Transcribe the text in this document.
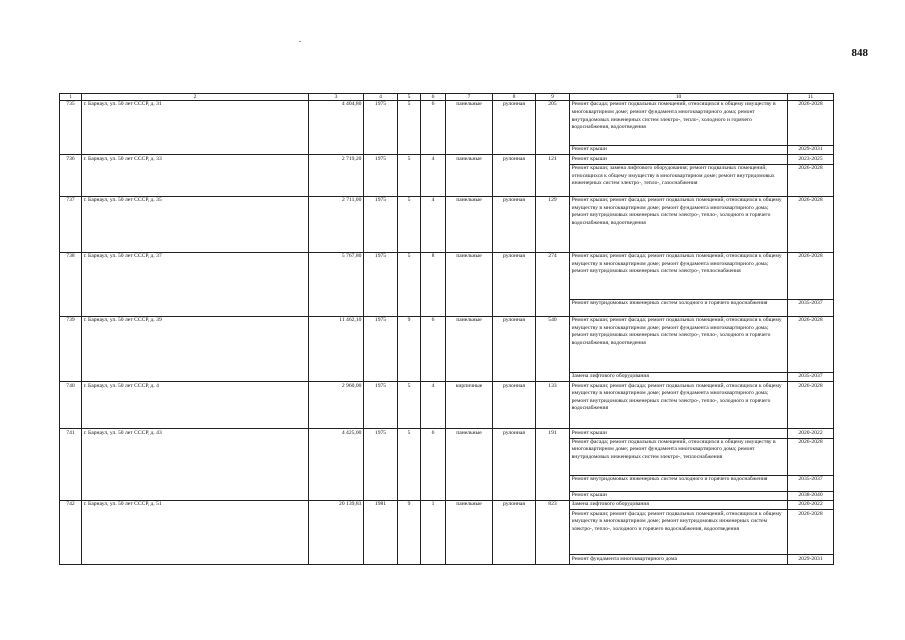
848
1	2	3	4	5	6	7	8	9	10	11
735	г. Барнаул, ул. 50 лет СССР, д. 31	4 404,80	1975	5	6	панельные	рулонная	205	Ремонт фасада; ремонт подвальных помещений, относящихся к общему имуществу в многоквартирном доме; ремонт фундамента многоквартирного дома; ремонт внутридомовых инженерных систем электро-, тепло-, холодного и горячего водоснабжения, водоотведения	2026-2028
									Ремонт крыши	2029-2031
736	г. Барнаул, ул. 50 лет СССР, д. 33	2 719,20	1975	5	4	панельные	рулонная	121	Ремонт крыши	2023-2025
									Ремонт крыши; замена лифтового оборудования; ремонт подвальных помещений, относящихся к общему имуществу в многоквартирном доме; ремонт внутридомовых инженерных систем электро-, тепло-, газоснабжения	2026-2028
737	г. Барнаул, ул. 50 лет СССР, д. 35	2 711,00	1975	5	4	панельные	рулонная	129	Ремонт крыши; ремонт фасада; ремонт подвальных помещений, относящихся к общему имуществу в многоквартирном доме; ремонт фундамента многоквартирного дома; ремонт внутридомовых инженерных систем электро-, тепло-, холодного и горячего водоснабжения, водоотведения	2026-2028
738	г. Барнаул, ул. 50 лет СССР, д. 37	5 767,80	1975	5	8	панельные	рулонная	274	Ремонт крыши; ремонт фасада; ремонт подвальных помещений, относящихся к общему имуществу в многоквартирном доме; ремонт фундамента многоквартирного дома; ремонт внутридомовых инженерных систем электро-, теплоснабжения	2026-2028
									Ремонт внутридомовых инженерных систем холодного и горячего водоснабжения	2035-2037
739	г. Барнаул, ул. 50 лет СССР, д. 39	11 462,10	1975	9	6	панельные	рулонная	540	Ремонт крыши; ремонт фасада; ремонт подвальных помещений, относящихся к общему имуществу в многоквартирном доме; ремонт фундамента многоквартирного дома; ремонт внутридомовых инженерных систем электро-, тепло-, холодного и горячего водоснабжения, водоотведения	2026-2028
									Замена лифтового оборудования	2035-2037
740	г. Барнаул, ул. 50 лет СССР, д. 4	2 960,00	1975	5	4	кирпичные	рулонная	133	Ремонт крыши; ремонт фасада; ремонт подвальных помещений, относящихся к общему имуществу в многоквартирном доме; ремонт фундамента многоквартирного дома; ремонт внутридомовых инженерных систем электро-, тепло-, холодного и горячего водоснабжения	2026-2028
741	г. Барнаул, ул. 50 лет СССР, д. 43	4 425,00	1975	5	6	панельные	рулонная	191	Ремонт крыши	2020-2022
									Ремонт фасада; ремонт подвальных помещений, относящихся к общему имуществу в многоквартирном доме; ремонт фундамента многоквартирного дома; ремонт внутридомовых инженерных систем электро-, теплоснабжения	2026-2028
									Ремонт внутридомовых инженерных систем холодного и горячего водоснабжения	2035-2037
									Ремонт крыши	2038-2040
742	г. Барнаул, ул. 50 лет СССР, д. 51	20 139,83	1981	9	1	панельные	рулонная	823	Замена лифтового оборудования	2020-2022
									Ремонт крыши; ремонт фасада; ремонт подвальных помещений, относящихся к общему имуществу в многоквартирном доме; ремонт внутридомовых инженерных систем электро-, тепло-, холодного и горячего водоснабжения, водоотведения	2026-2028
									Ремонт фундамента многоквартирного дома	2029-2031
